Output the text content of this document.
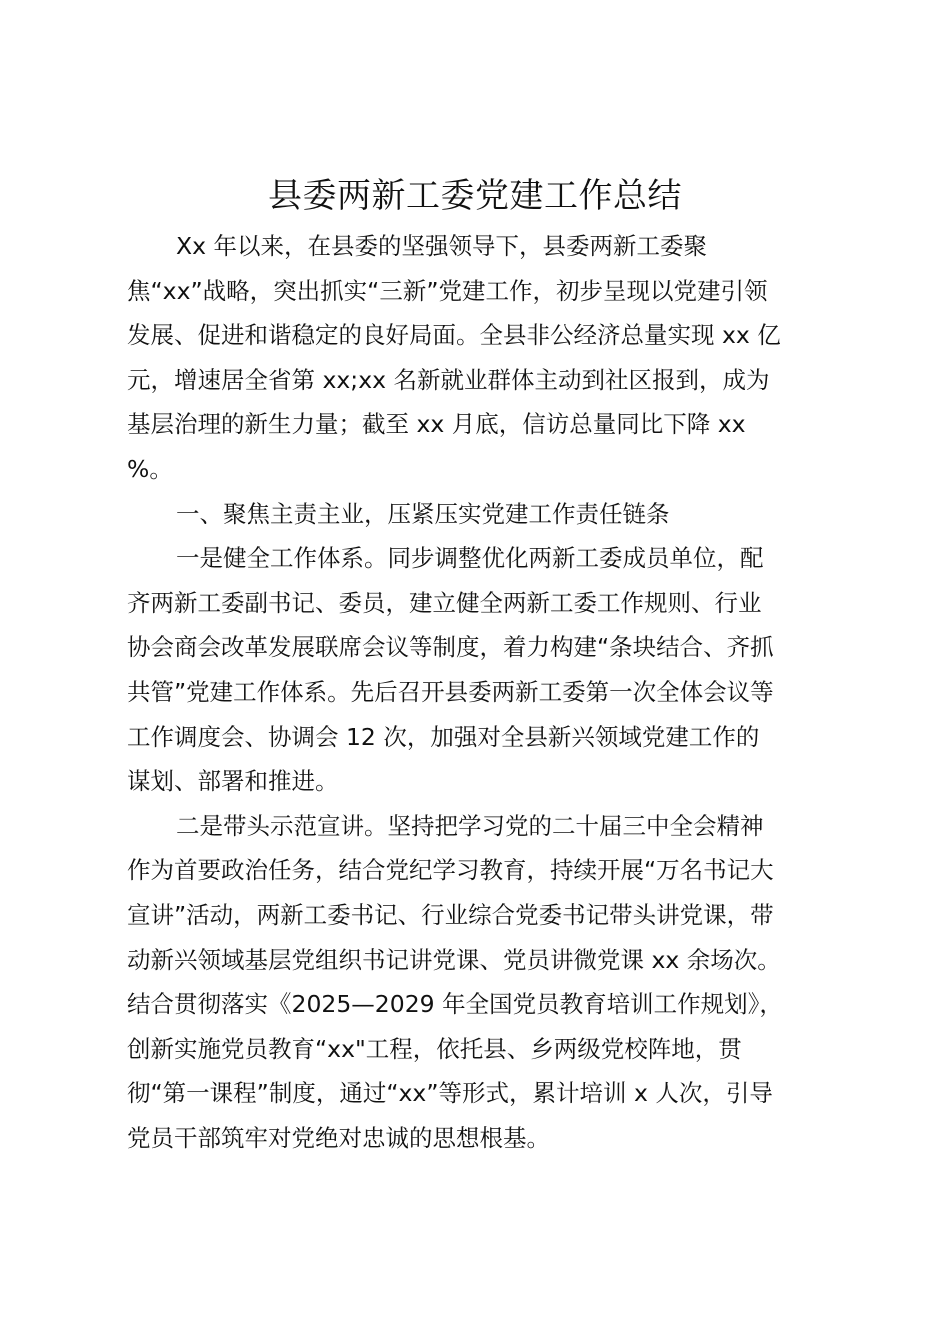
县委两新工委党建工作总结
Xx 年以来，在县委的坚强领导下，县委两新工委聚
焦“xx”战略，突出抓实“三新”党建工作，初步呈现以党建引领
发展、促进和谐稳定的良好局面。全县非公经济总量实现 xx 亿
元，增速居全省第 xx;xx 名新就业群体主动到社区报到，成为
基层治理的新生力量；截至 xx 月底，信访总量同比下降 xx
%。
一、聚焦主责主业，压紧压实党建工作责任链条
一是健全工作体系。同步调整优化两新工委成员单位，配
齐两新工委副书记、委员，建立健全两新工委工作规则、行业
协会商会改革发展联席会议等制度，着力构建“条块结合、齐抓
共管”党建工作体系。先后召开县委两新工委第一次全体会议等
工作调度会、协调会 12 次，加强对全县新兴领域党建工作的
谋划、部署和推进。
二是带头示范宣讲。坚持把学习党的二十届三中全会精神
作为首要政治任务，结合党纪学习教育，持续开展“万名书记大
宣讲”活动，两新工委书记、行业综合党委书记带头讲党课，带
动新兴领域基层党组织书记讲党课、党员讲微党课 xx 余场次。
结合贯彻落实《2025—2029 年全国党员教育培训工作规划》，
创新实施党员教育“xx"工程，依托县、乡两级党校阵地，贯
彻“第一课程”制度，通过“xx”等形式，累计培训 x 人次，引导
党员干部筑牢对党绝对忠诚的思想根基。
